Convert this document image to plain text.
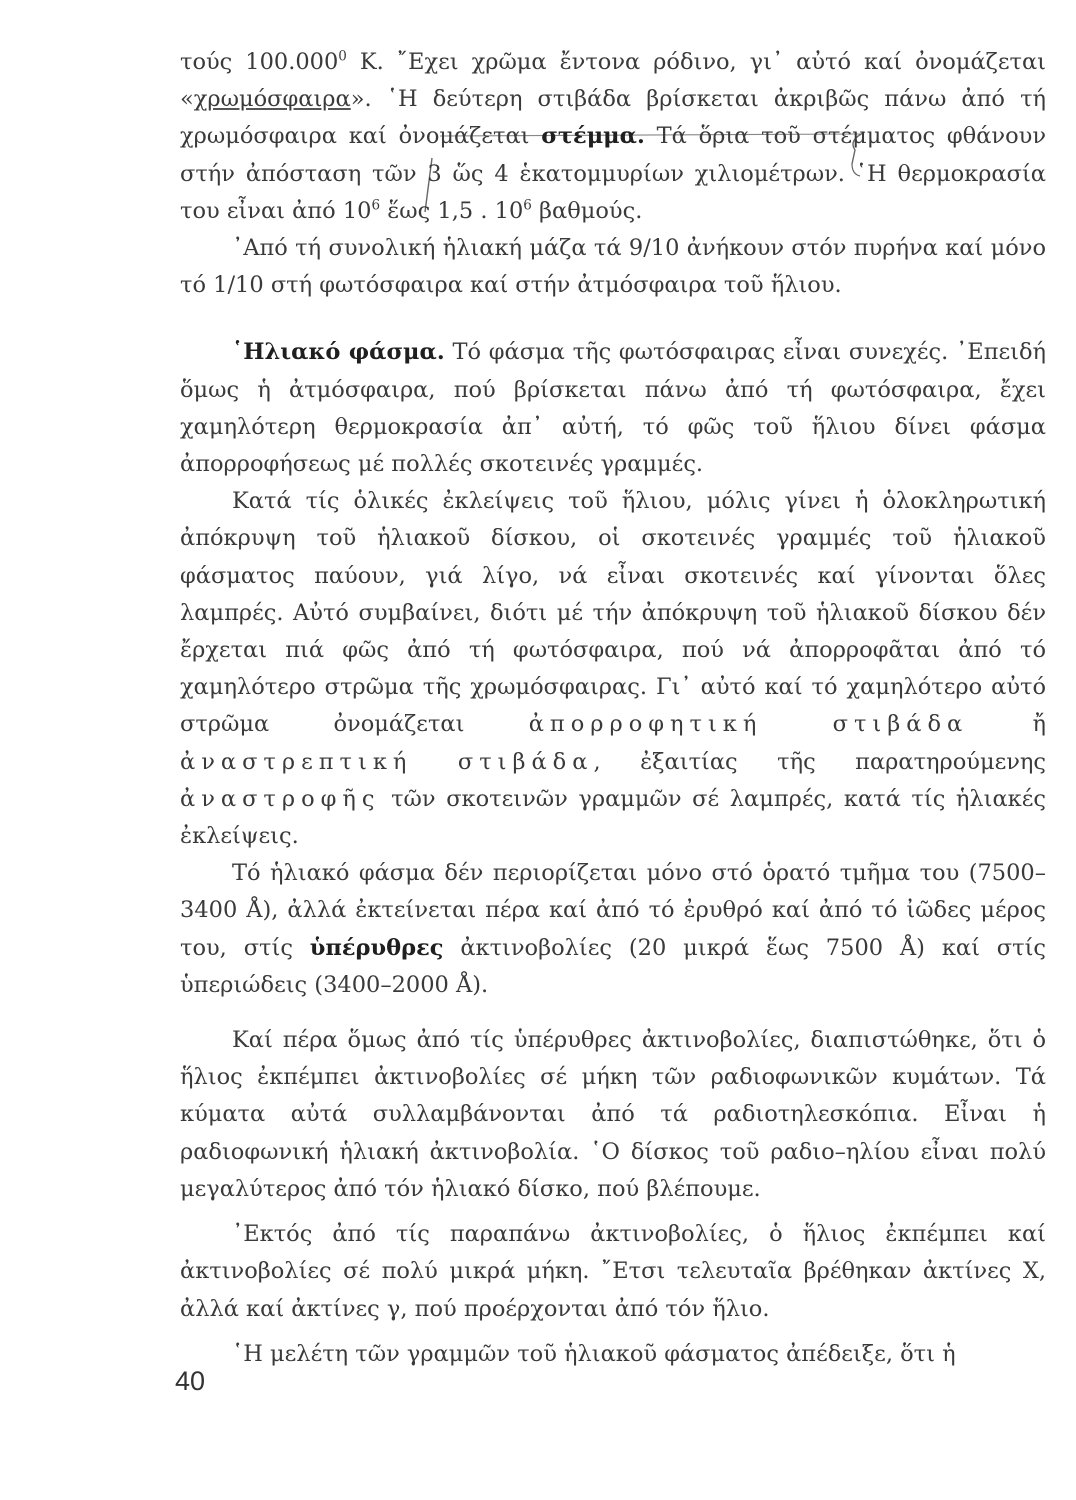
τούς 100.000$^0$ Κ. ῎Εχει χρῶμα ἔντονα ρόδινο, γι᾽ αὐτό καί ὀνομάζεται «χρωμόσφαιρα». ῾Η δεύτερη στιβάδα βρίσκεται ἀκριβῶς πάνω ἀπό τή χρωμόσφαιρα καί ὀνομάζεται στέμμα. Τά ὅρια τοῦ στέμματος φθάνουν στήν ἀπόσταση τῶν 3 ὥς 4 ἑκατομμυρίων χιλιομέτρων. ῾Η θερμοκρασία του εἶναι ἀπό $10^6$ ἕως 1,5 . $10^6$ βαθμούς.

᾽Από τή συνολική ἡλιακή μάζα τά 9/10 ἀνήκουν στόν πυρήνα καί μόνο τό 1/10 στή φωτόσφαιρα καί στήν ἀτμόσφαιρα τοῦ ἥλιου.

῾Ηλιακό φάσμα. Τό φάσμα τῆς φωτόσφαιρας εἶναι συνεχές. ᾽Επειδή ὅμως ἡ ἀτμόσφαιρα, πού βρίσκεται πάνω ἀπό τή φωτόσφαιρα, ἔχει χαμηλότερη θερμοκρασία ἀπ᾽ αὐτή, τό φῶς τοῦ ἥλιου δίνει φάσμα ἀπορροφήσεως μέ πολλές σκοτεινές γραμμές.

Κατά τίς ὁλικές ἐκλείψεις τοῦ ἥλιου, μόλις γίνει ἡ ὁλοκληρωτική ἀπόκρυψη τοῦ ἡλιακοῦ δίσκου, οἱ σκοτεινές γραμμές τοῦ ἡλιακοῦ φάσματος παύουν, γιά λίγο, νά εἶναι σκοτεινές καί γίνονται ὅλες λαμπρές. Αὐτό συμβαίνει, διότι μέ τήν ἀπόκρυψη τοῦ ἡλιακοῦ δίσκου δέν ἔρχεται πιά φῶς ἀπό τή φωτόσφαιρα, πού νά ἀπορροφᾶται ἀπό τό χαμηλότερο στρῶμα τῆς χρωμόσφαιρας. Γι᾽ αὐτό καί τό χαμηλότερο αὐτό στρῶμα ὀνομάζεται ἀπορροφητική στιβάδα ἤ ἀναστρεπτική στιβάδα, ἐξαιτίας τῆς παρατηρούμενης ἀναστροφῆς τῶν σκοτεινῶν γραμμῶν σέ λαμπρές, κατά τίς ἡλιακές ἐκλείψεις.

Τό ἡλιακό φάσμα δέν περιορίζεται μόνο στό ὁρατό τμῆμα του (7500–3400 Å), ἀλλά ἐκτείνεται πέρα καί ἀπό τό ἐρυθρό καί ἀπό τό ἰῶδες μέρος του, στίς ὑπέρυθρες ἀκτινοβολίες (20 μικρά ἕως 7500 Å) καί στίς ὑπεριώδεις (3400–2000 Å).

Καί πέρα ὅμως ἀπό τίς ὑπέρυθρες ἀκτινοβολίες, διαπιστώθηκε, ὅτι ὁ ἥλιος ἐκπέμπει ἀκτινοβολίες σέ μήκη τῶν ραδιοφωνικῶν κυμάτων. Τά κύματα αὐτά συλλαμβάνονται ἀπό τά ραδιοτηλεσκόπια. Εἶναι ἡ ραδιοφωνική ἡλιακή ἀκτινοβολία. ῾Ο δίσκος τοῦ ραδιο–ηλίου εἶναι πολύ μεγαλύτερος ἀπό τόν ἡλιακό δίσκο, πού βλέπουμε.

᾽Εκτός ἀπό τίς παραπάνω ἀκτινοβολίες, ὁ ἥλιος ἐκπέμπει καί ἀκτινοβολίες σέ πολύ μικρά μήκη. ῎Ετσι τελευταῖα βρέθηκαν ἀκτίνες Χ, ἀλλά καί ἀκτίνες γ, πού προέρχονται ἀπό τόν ἥλιο.

῾Η μελέτη τῶν γραμμῶν τοῦ ἡλιακοῦ φάσματος ἀπέδειξε, ὅτι ἡ

40
